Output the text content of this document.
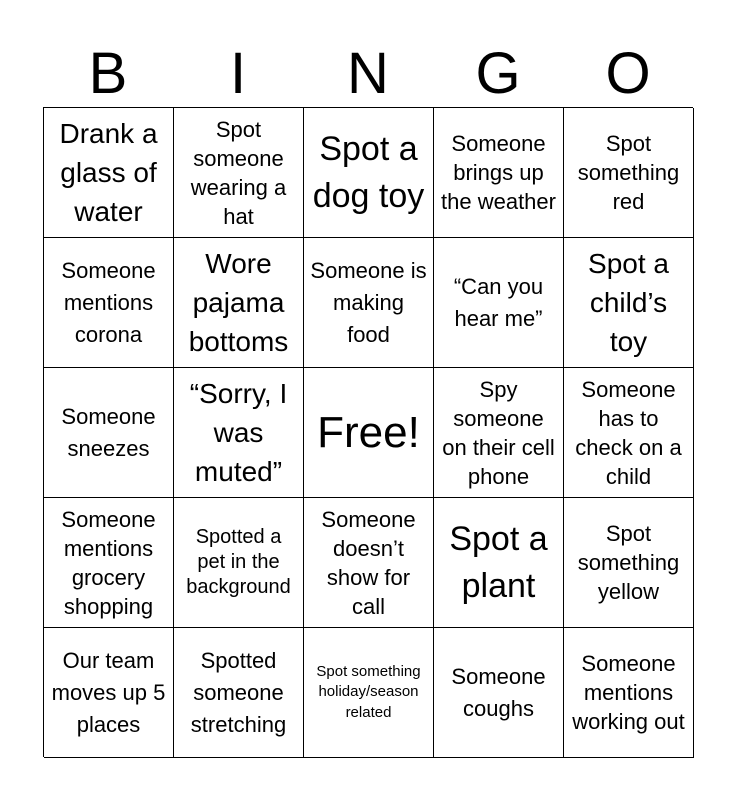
B	I	N	G	O
Drank a glass of water
Spot someone wearing a hat
Spot a dog toy
Someone brings up the weather
Spot something red
Someone mentions corona
Wore pajama bottoms
Someone is making food
“Can you hear me”
Spot a child’s toy
Someone sneezes
“Sorry, I was muted”
Free!
Spy someone on their cell phone
Someone has to check on a child
Someone mentions grocery shopping
Spotted a pet in the background
Someone doesn’t show for call
Spot a plant
Spot something yellow
Our team moves up 5 places
Spotted someone stretching
Spot something holiday/season related
Someone coughs
Someone mentions working out
